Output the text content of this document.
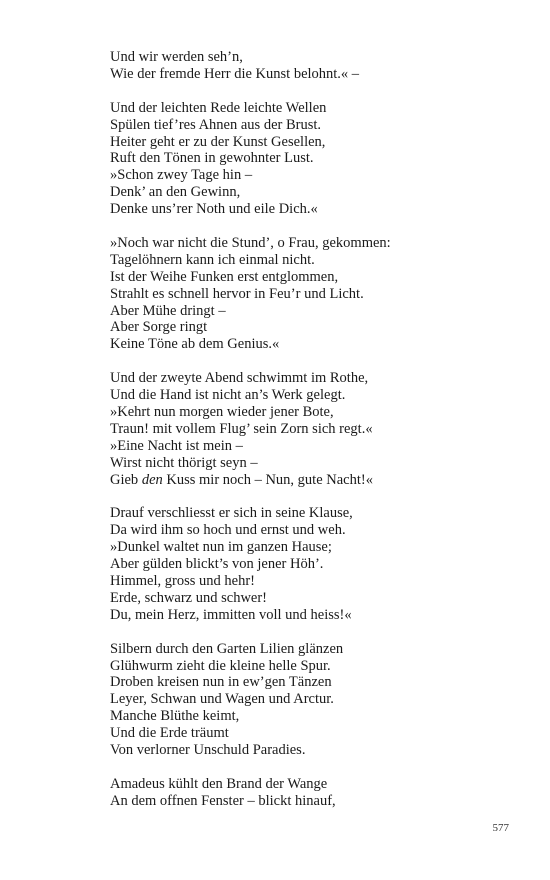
Und wir werden seh’n,
Wie der fremde Herr die Kunst belohnt.« –
Und der leichten Rede leichte Wellen
Spülen tief’res Ahnen aus der Brust.
Heiter geht er zu der Kunst Gesellen,
Ruft den Tönen in gewohnter Lust.
»Schon zwey Tage hin –
Denk’ an den Gewinn,
Denke uns’rer Noth und eile Dich.«
»Noch war nicht die Stund’, o Frau, gekommen:
Tagelöhnern kann ich einmal nicht.
Ist der Weihe Funken erst entglommen,
Strahlt es schnell hervor in Feu’r und Licht.
Aber Mühe dringt –
Aber Sorge ringt
Keine Töne ab dem Genius.«
Und der zweyte Abend schwimmt im Rothe,
Und die Hand ist nicht an’s Werk gelegt.
»Kehrt nun morgen wieder jener Bote,
Traun! mit vollem Flug’ sein Zorn sich regt.«
»Eine Nacht ist mein –
Wirst nicht thörigt seyn –
Gieb den Kuss mir noch – Nun, gute Nacht!«
Drauf verschliesst er sich in seine Klause,
Da wird ihm so hoch und ernst und weh.
»Dunkel waltet nun im ganzen Hause;
Aber gülden blickt’s von jener Höh’.
Himmel, gross und hehr!
Erde, schwarz und schwer!
Du, mein Herz, immitten voll und heiss!«
Silbern durch den Garten Lilien glänzen
Glühwurm zieht die kleine helle Spur.
Droben kreisen nun in ew’gen Tänzen
Leyer, Schwan und Wagen und Arctur.
Manche Blüthe keimt,
Und die Erde träumt
Von verlorner Unschuld Paradies.
Amadeus kühlt den Brand der Wange
An dem offnen Fenster – blickt hinauf,
577
